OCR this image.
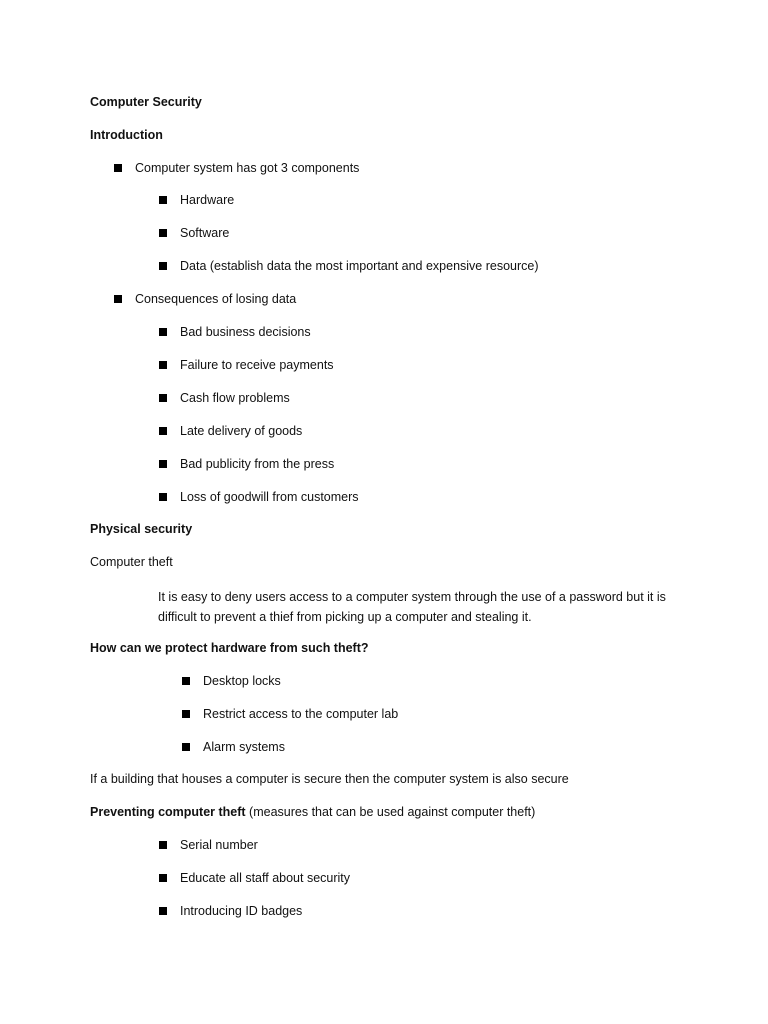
Computer Security
Introduction
Computer system has got 3 components
Hardware
Software
Data (establish data the most important and expensive resource)
Consequences of losing data
Bad business decisions
Failure to receive payments
Cash flow problems
Late delivery of goods
Bad publicity from the press
Loss of goodwill from customers
Physical security
Computer theft
It is easy to deny users access to a computer system through the use of a password but it is difficult to prevent a thief from picking up a computer and stealing it.
How can we protect hardware from such theft?
Desktop locks
Restrict access to the computer lab
Alarm systems
If a building that houses a computer is secure then the computer system is also secure
Preventing computer theft (measures that can be used against computer theft)
Serial number
Educate all staff about security
Introducing ID badges
